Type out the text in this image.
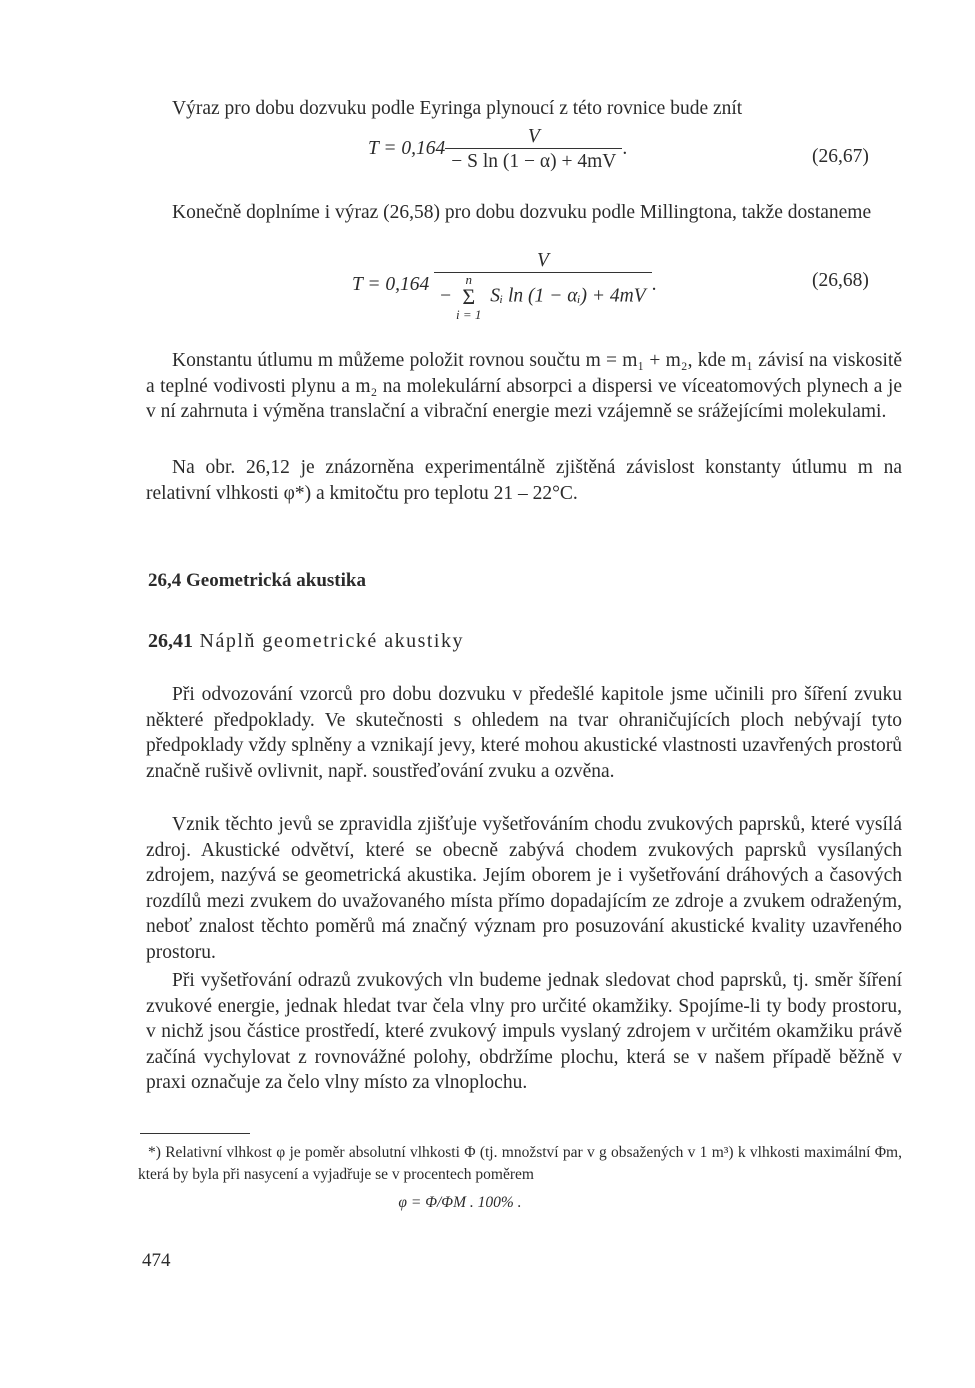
Výraz pro dobu dozvuku podle Eyringa plynoucí z této rovnice bude znít

$T = 0,164 \frac{V}{\text{− S ln (1 − α) + 4mV}}$ .	(26,67)

Konečně doplníme i výraz (26,58) pro dobu dozvuku podle Millingtona, takže dostaneme

T = 0,164
V
− n
Σ
i = 1 Sᵢ ln (1 − αᵢ) + 4mV
.	(26,68)

Konstantu útlumu m můžeme položit rovnou součtu m = m₁ + m₂, kde m₁ závisí na viskositě a teplné vodivosti plynu a m₂ na molekulární absorpci a dispersi ve víceatomových plynech a je v ní zahrnuta i výměna translační a vibrační energie mezi vzájemně se srážejícími molekulami.

Na obr. 26,12 je znázorněna experimentálně zjištěná závislost konstanty útlumu m na relativní vlhkosti φ*) a kmitočtu pro teplotu 21 – 22°C.

26,4 Geometrická akustika
26,41 Náplň geometrické akustiky

Při odvozování vzorců pro dobu dozvuku v předešlé kapitole jsme učinili pro šíření zvuku některé předpoklady. Ve skutečnosti s ohledem na tvar ohraničujících ploch nebývají tyto předpoklady vždy splněny a vznikají jevy, které mohou akustické vlastnosti uzavřených prostorů značně rušivě ovlivnit, např. soustřeďování zvuku a ozvěna.

Vznik těchto jevů se zpravidla zjišťuje vyšetřováním chodu zvukových paprsků, které vysílá zdroj. Akustické odvětví, které se obecně zabývá chodem zvukových paprsků vysílaných zdrojem, nazývá se geometrická akustika. Jejím oborem je i vyšetřování dráhových a časových rozdílů mezi zvukem do uvažovaného místa přímo dopadajícím ze zdroje a zvukem odraženým, neboť znalost těchto poměrů má značný význam pro posuzování akustické kvality uzavřeného prostoru.

Při vyšetřování odrazů zvukových vln budeme jednak sledovat chod paprsků, tj. směr šíření zvukové energie, jednak hledat tvar čela vlny pro určité okamžiky. Spojíme-li ty body prostoru, v nichž jsou částice prostředí, které zvukový impuls vyslaný zdrojem v určitém okamžiku právě začíná vychylovat z rovnovážné polohy, obdržíme plochu, která se v našem případě běžně v praxi označuje za čelo vlny místo za vlnoplochu.

*) Relativní vlhkost φ je poměr absolutní vlhkosti Φ (tj. množství par v g obsažených v 1 m³) k vlhkosti maximální Φm, která by byla při nasycení a vyjadřuje se v procentech poměrem

φ = Φ/ΦM . 100% .
474
